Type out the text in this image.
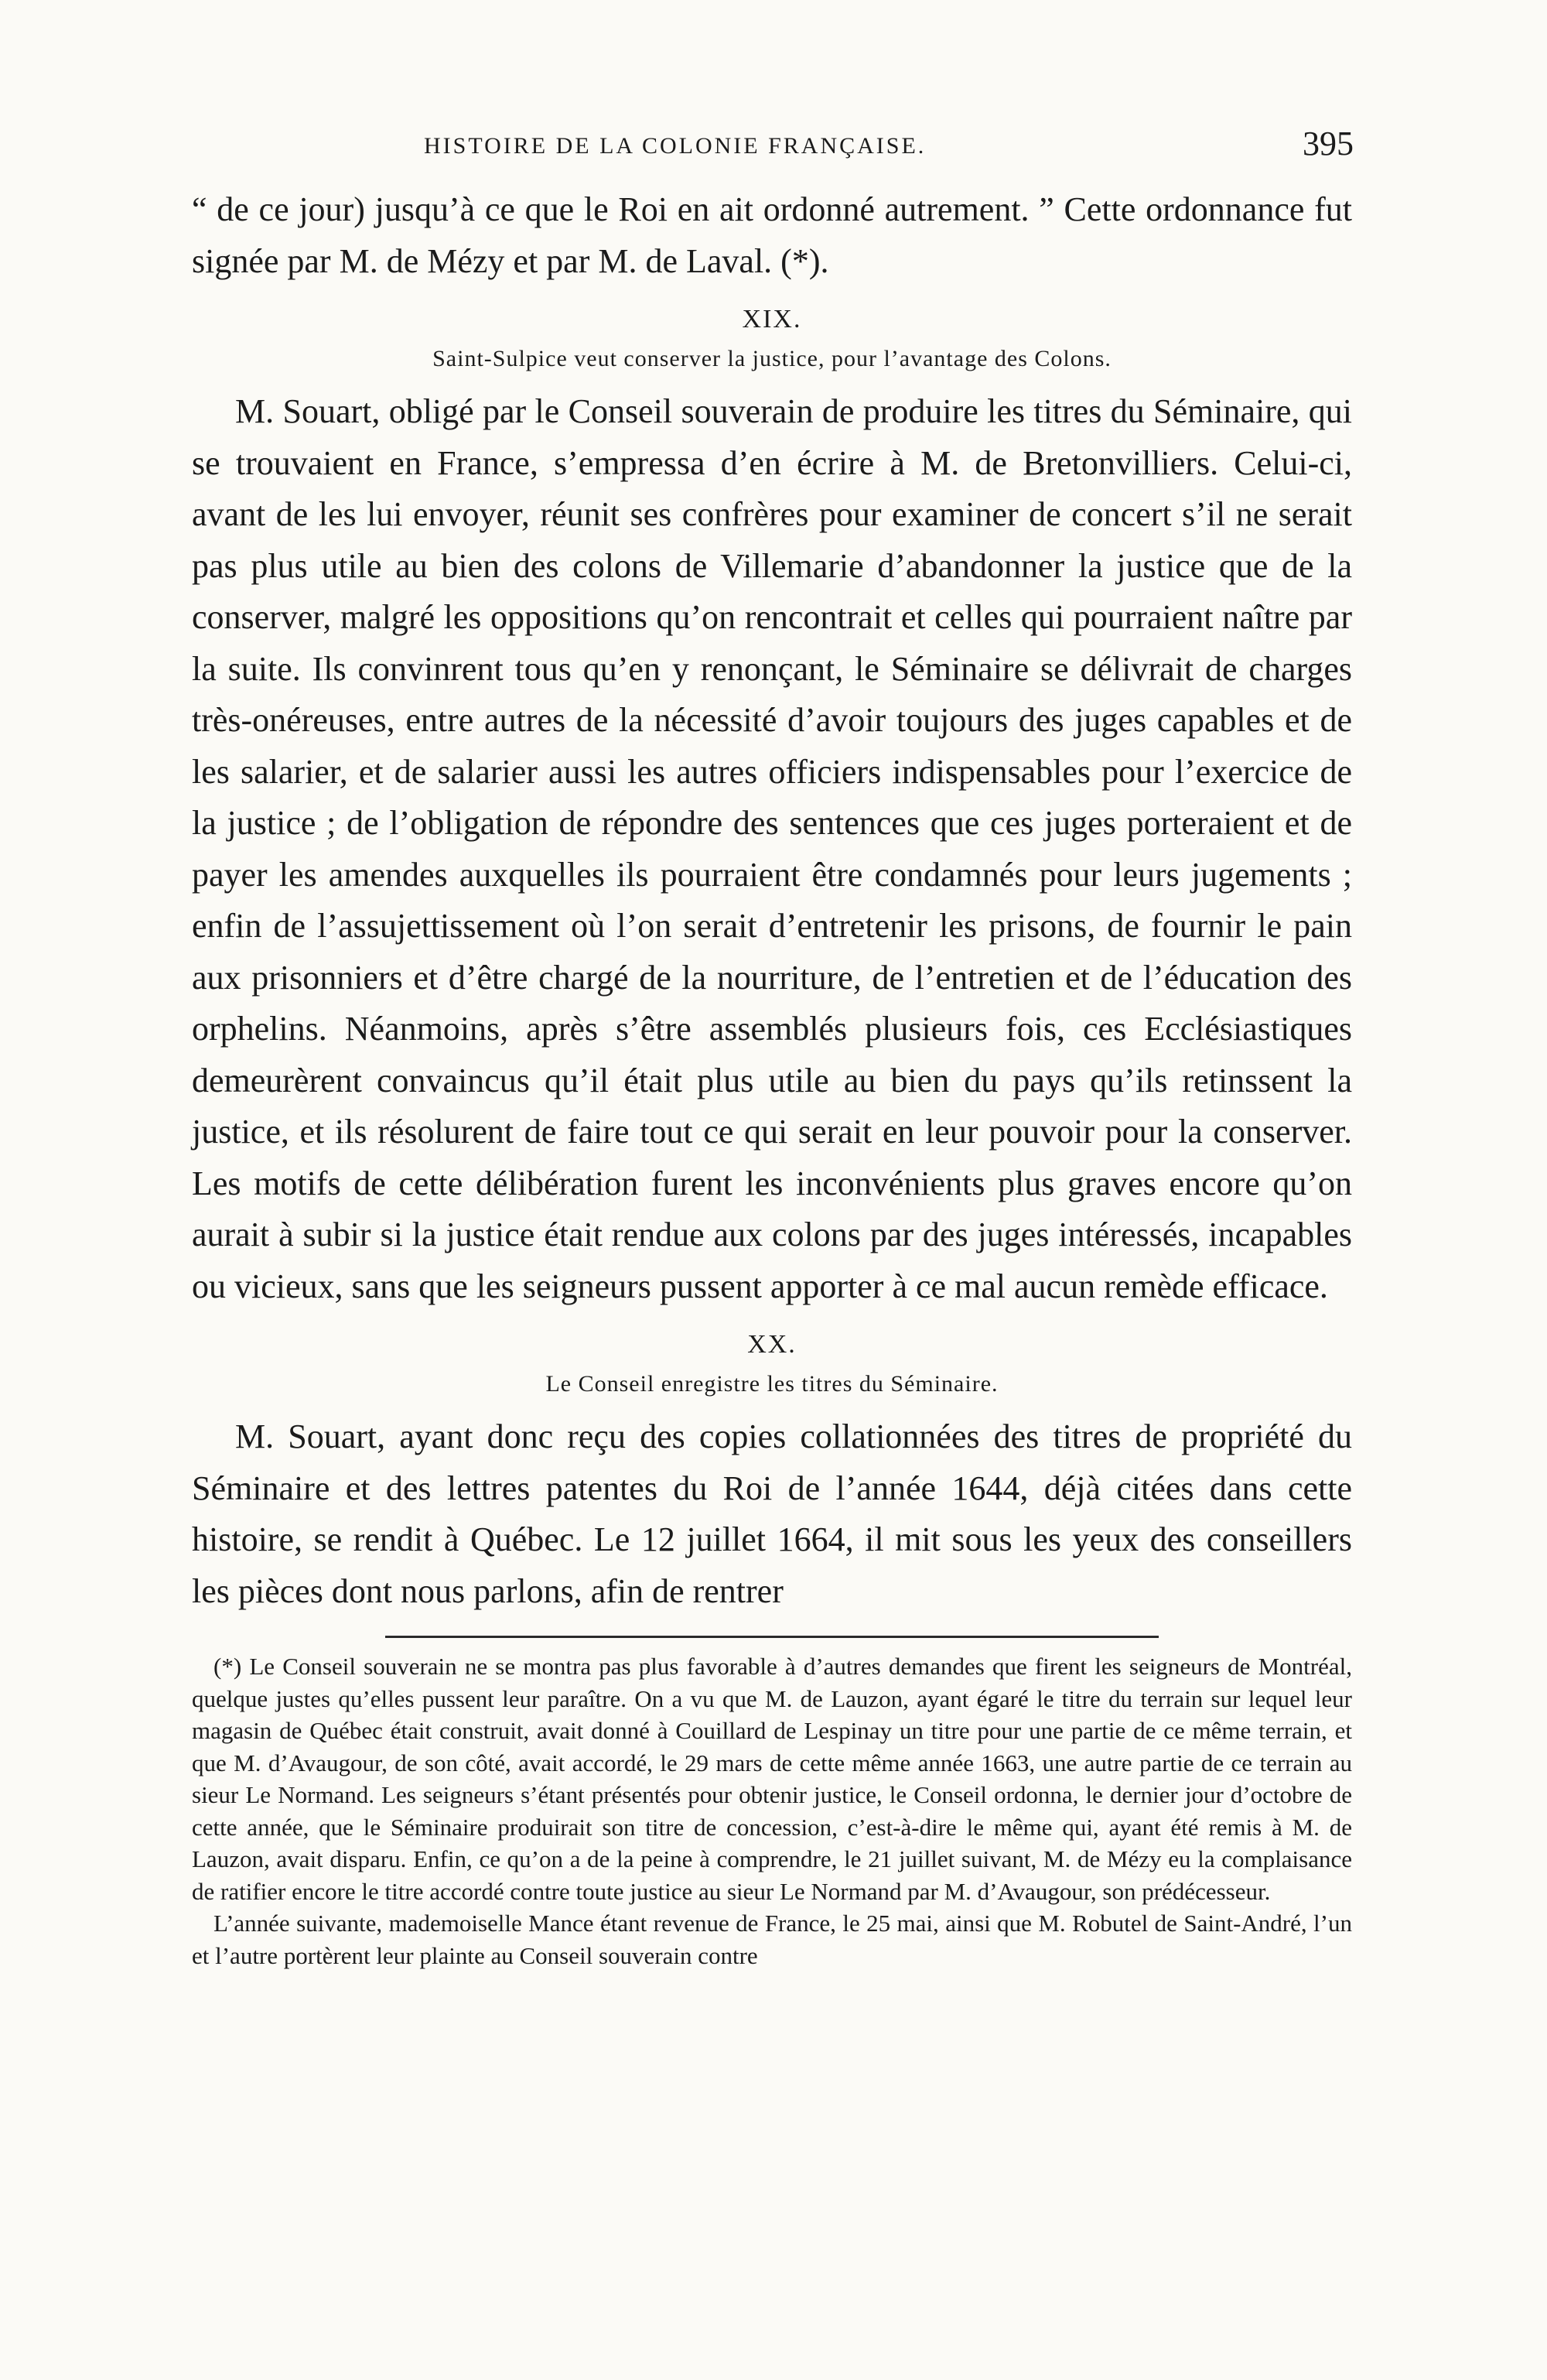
HISTOIRE DE LA COLONIE FRANÇAISE.	395

“ de ce jour) jusqu’à ce que le Roi en ait ordonné autrement. ” Cette ordonnance fut signée par M. de Mézy et par M. de Laval. (*).

XIX.
Saint-Sulpice veut conserver la justice, pour l’avantage des Colons.

M. Souart, obligé par le Conseil souverain de produire les titres du Séminaire, qui se trouvaient en France, s’empressa d’en écrire à M. de Bretonvilliers. Celui-ci, avant de les lui envoyer, réunit ses confrères pour examiner de concert s’il ne serait pas plus utile au bien des colons de Villemarie d’abandonner la justice que de la conserver, malgré les oppositions qu’on rencontrait et celles qui pourraient naître par la suite. Ils convinrent tous qu’en y renonçant, le Séminaire se délivrait de charges très-onéreuses, entre autres de la nécessité d’avoir toujours des juges capables et de les salarier, et de salarier aussi les autres officiers indispensables pour l’exercice de la justice ; de l’obligation de répondre des sentences que ces juges porteraient et de payer les amendes auxquelles ils pourraient être condamnés pour leurs jugements ; enfin de l’assujettissement où l’on serait d’entretenir les prisons, de fournir le pain aux prisonniers et d’être chargé de la nourriture, de l’entretien et de l’éducation des orphelins. Néanmoins, après s’être assemblés plusieurs fois, ces Ecclésiastiques demeurèrent convaincus qu’il était plus utile au bien du pays qu’ils retinssent la justice, et ils résolurent de faire tout ce qui serait en leur pouvoir pour la conserver. Les motifs de cette délibération furent les inconvénients plus graves encore qu’on aurait à subir si la justice était rendue aux colons par des juges intéressés, incapables ou vicieux, sans que les seigneurs pussent apporter à ce mal aucun remède efficace.

XX.
Le Conseil enregistre les titres du Séminaire.

M. Souart, ayant donc reçu des copies collationnées des titres de propriété du Séminaire et des lettres patentes du Roi de l’année 1644, déjà citées dans cette histoire, se rendit à Québec. Le 12 juillet 1664, il mit sous les yeux des conseillers les pièces dont nous parlons, afin de rentrer

(*) Le Conseil souverain ne se montra pas plus favorable à d’autres demandes que firent les seigneurs de Montréal, quelque justes qu’elles pussent leur paraître. On a vu que M. de Lauzon, ayant égaré le titre du terrain sur lequel leur magasin de Québec était construit, avait donné à Couillard de Lespinay un titre pour une partie de ce même terrain, et que M. d’Avaugour, de son côté, avait accordé, le 29 mars de cette même année 1663, une autre partie de ce terrain au sieur Le Normand. Les seigneurs s’étant présentés pour obtenir justice, le Conseil ordonna, le dernier jour d’octobre de cette année, que le Séminaire produirait son titre de concession, c’est-à-dire le même qui, ayant été remis à M. de Lauzon, avait disparu. Enfin, ce qu’on a de la peine à comprendre, le 21 juillet suivant, M. de Mézy eu la complaisance de ratifier encore le titre accordé contre toute justice au sieur Le Normand par M. d’Avaugour, son prédécesseur.

L’année suivante, mademoiselle Mance étant revenue de France, le 25 mai, ainsi que M. Robutel de Saint-André, l’un et l’autre portèrent leur plainte au Conseil souverain contre
